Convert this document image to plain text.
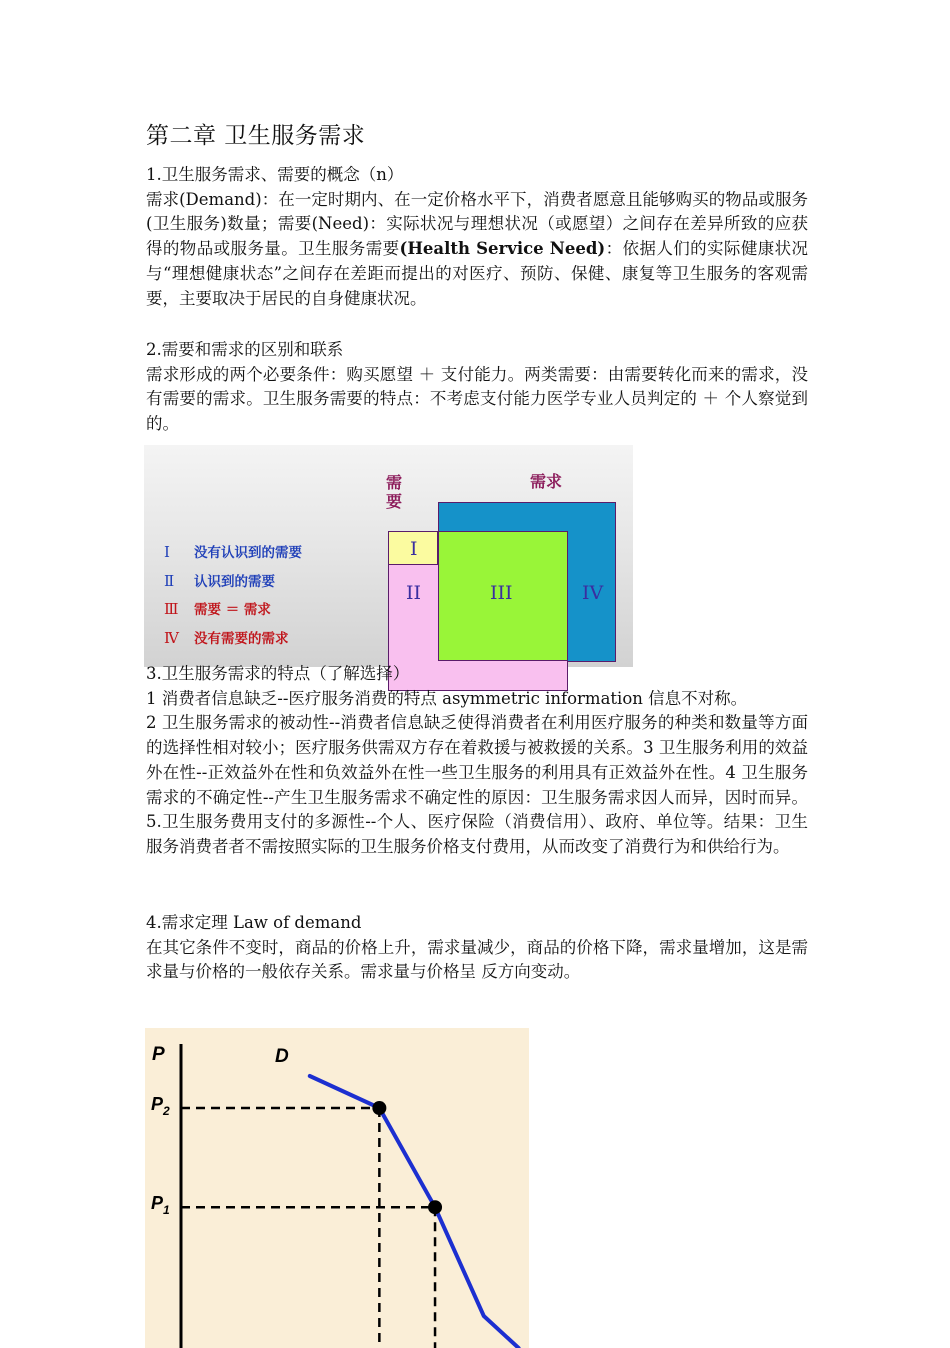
第二章 卫生服务需求

1.卫生服务需求、需要的概念（n）

需求(Demand)：在一定时期内、在一定价格水平下，消费者愿意且能够购买的物品或服务(卫生服务)数量；需要(Need)：实际状况与理想状况（或愿望）之间存在差异所致的应获得的物品或服务量。卫生服务需要(Health Service Need)：依据人们的实际健康状况与“理想健康状态”之间存在差距而提出的对医疗、预防、保健、康复等卫生服务的客观需要，主要取决于居民的自身健康状况。

2.需要和需求的区别和联系

需求形成的两个必要条件：购买愿望 ＋ 支付能力。两类需要：由需要转化而来的需求，没有需要的需求。卫生服务需要的特点：不考虑支付能力医学专业人员判定的 ＋ 个人察觉到的。

Ⅰ 没有认识到的需要
Ⅱ 认识到的需要
Ⅲ 需要 ＝ 需求
Ⅳ 没有需要的需求
需要
需求
I
II	III	IV

3.卫生服务需求的特点（了解选择）

1 消费者信息缺乏--医疗服务消费的特点 asymmetric information 信息不对称。

2 卫生服务需求的被动性--消费者信息缺乏使得消费者在利用医疗服务的种类和数量等方面的选择性相对较小；医疗服务供需双方存在着救援与被救援的关系。3 卫生服务利用的效益外在性--正效益外在性和负效益外在性一些卫生服务的利用具有正效益外在性。4 卫生服务需求的不确定性--产生卫生服务需求不确定性的原因：卫生服务需求因人而异，因时而异。5.卫生服务费用支付的多源性--个人、医疗保险（消费信用）、政府、单位等。结果：卫生服务消费者者不需按照实际的卫生服务价格支付费用，从而改变了消费行为和供给行为。

4.需求定理 Law of demand

在其它条件不变时，商品的价格上升，需求量减少，商品的价格下降，需求量增加，这是需求量与价格的一般依存关系。需求量与价格呈 反方向变动。

P	D
$P_2$
$P_1$
